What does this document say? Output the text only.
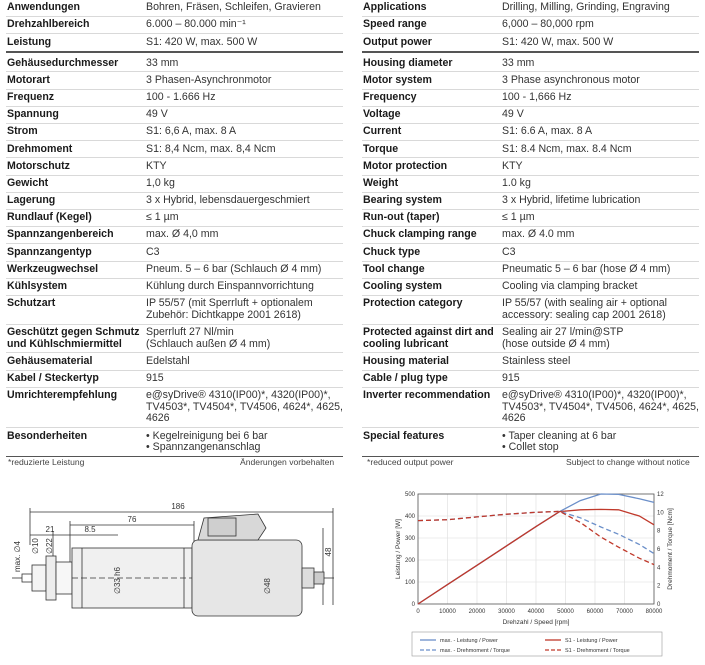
Anwendungen	Bohren, Fräsen, Schleifen, Gravieren

Drehzahlbereich	6.000 – 80.000 min⁻¹

Leistung	S1: 420 W, max. 500 W

Gehäusedurchmesser	33 mm

Motorart	3 Phasen-Asynchronmotor

Frequenz	100 - 1.666 Hz

Spannung	49 V

Strom	S1: 6,6 A, max. 8 A

Drehmoment	S1: 8,4 Ncm, max. 8,4 Ncm

Motorschutz	KTY

Gewicht	1,0 kg

Lagerung	3 x Hybrid, lebensdauergeschmiert

Rundlauf (Kegel)	≤ 1 µm

Spannzangenbereich	max. Ø 4,0 mm

Spannzangentyp	C3

Werkzeugwechsel	Pneum. 5 – 6 bar (Schlauch Ø 4 mm)

Kühlsystem	Kühlung durch Einspannvorrichtung

Schutzart	IP 55/57 (mit Sperrluft + optionalem
Zubehör: Dichtkappe 2001 2618)

Geschützt gegen Schmutz und Kühlschmiermittel	Sperrluft 27 Nl/min
(Schlauch außen Ø 4 mm)

Gehäusematerial	Edelstahl

Kabel / Steckertyp	915

Umrichterempfehlung	e@syDrive® 4310(IP00)*, 4320(IP00)*,
TV4503*, TV4504*, TV4506, 4624*, 4625,
4626

Besonderheiten	• Kegelreinigung bei 6 bar
• Spannzangenanschlag
Applications	Drilling, Milling, Grinding, Engraving

Speed range	6,000 – 80,000 rpm

Output power	S1: 420 W, max. 500 W

Housing diameter	33 mm

Motor system	3 Phase asynchronous motor

Frequency	100 - 1,666 Hz

Voltage	49 V

Current	S1: 6.6 A, max. 8 A

Torque	S1: 8.4 Ncm, max. 8.4 Ncm

Motor protection	KTY

Weight	1.0 kg

Bearing system	3 x Hybrid, lifetime lubrication

Run-out (taper)	≤ 1 µm

Chuck clamping range	max. Ø 4.0 mm

Chuck type	C3

Tool change	Pneumatic 5 – 6 bar (hose Ø 4 mm)

Cooling system	Cooling via clamping bracket

Protection category	IP 55/57 (with sealing air + optional
accessory: sealing cap 2001 2618)

Protected against dirt and cooling lubricant	Sealing air 27 l/min@STP
(hose outside Ø 4 mm)

Housing material	Stainless steel

Cable / plug type	915

Inverter recommendation	e@syDrive® 4310(IP00)*, 4320(IP00)*,
TV4503*, TV4504*, TV4506, 4624*, 4625,
4626

Special features	• Taper cleaning at 6 bar
• Collet stop
*reduzierte Leistung	Änderungen vorbehalten	*reduced output power	Subject to change without notice
186
76
21	8.5
48
∅10 ∅22
∅33 h6	∅48
max. ∅4
0	10000 20000 30000 40000 50000 60000 70000 80000
0
100
200
300
400
500
0
2
4
6
8
10
12
Drehzahl / Speed [rpm]
Leistung / Power [W]	Drehmoment / Torque [Ncm]
max. - Leistung / Power	S1 - Leistung / Power
max. - Drehmoment / Torque	S1 - Drehmoment / Torque
